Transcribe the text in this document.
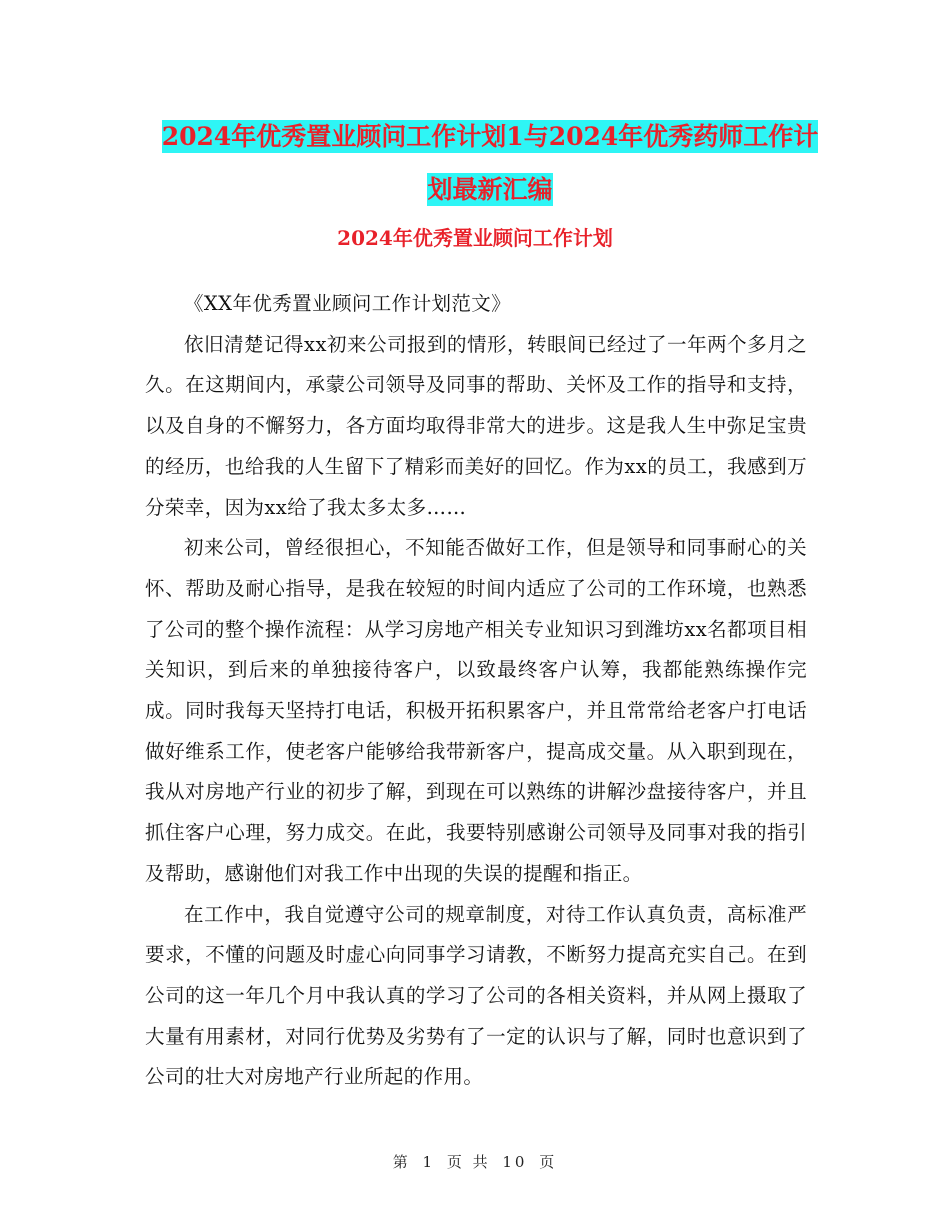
2024年优秀置业顾问工作计划1与2024年优秀药师工作计划最新汇编
2024年优秀置业顾问工作计划

《XX年优秀置业顾问工作计划范文》

依旧清楚记得xx初来公司报到的情形，转眼间已经过了一年两个多月之久。在这期间内，承蒙公司领导及同事的帮助、关怀及工作的指导和支持，以及自身的不懈努力，各方面均取得非常大的进步。这是我人生中弥足宝贵的经历，也给我的人生留下了精彩而美好的回忆。作为xx的员工，我感到万分荣幸，因为xx给了我太多太多……

初来公司，曾经很担心，不知能否做好工作，但是领导和同事耐心的关怀、帮助及耐心指导，是我在较短的时间内适应了公司的工作环境，也熟悉了公司的整个操作流程：从学习房地产相关专业知识习到潍坊xx名都项目相关知识，到后来的单独接待客户，以致最终客户认筹，我都能熟练操作完成。同时我每天坚持打电话，积极开拓积累客户，并且常常给老客户打电话做好维系工作，使老客户能够给我带新客户，提高成交量。从入职到现在，我从对房地产行业的初步了解，到现在可以熟练的讲解沙盘接待客户，并且抓住客户心理，努力成交。在此，我要特别感谢公司领导及同事对我的指引及帮助，感谢他们对我工作中出现的失误的提醒和指正。

在工作中，我自觉遵守公司的规章制度，对待工作认真负责，高标准严要求，不懂的问题及时虚心向同事学习请教，不断努力提高充实自己。在到公司的这一年几个月中我认真的学习了公司的各相关资料，并从网上摄取了大量有用素材，对同行优势及劣势有了一定的认识与了解，同时也意识到了公司的壮大对房地产行业所起的作用。

第 1 页 共 10 页
